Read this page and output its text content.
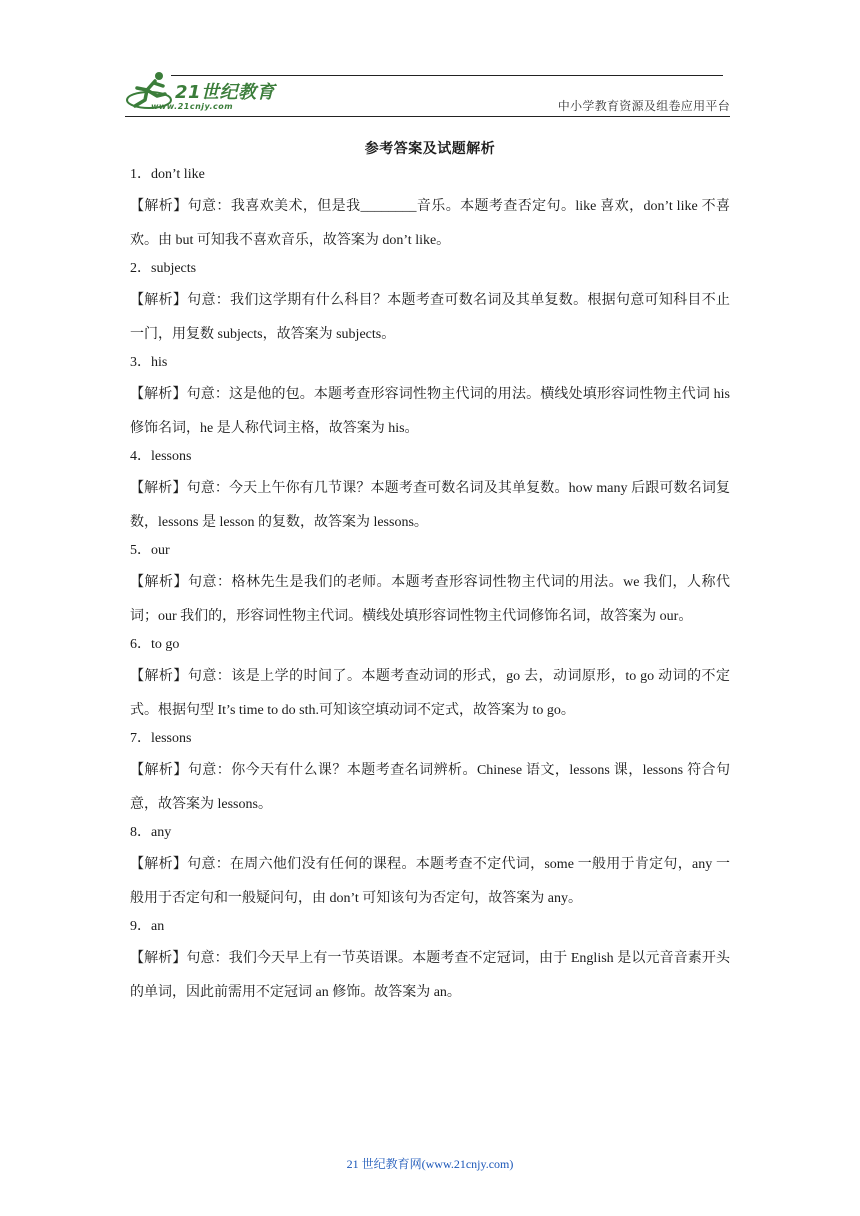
21世纪教育
www.21cnjy.com	中小学教育资源及组卷应用平台
参考答案及试题解析

1．don’t like

【解析】句意：我喜欢美术，但是我________音乐。本题考查否定句。like 喜欢，don’t like 不喜欢。由 but 可知我不喜欢音乐，故答案为 don’t like。

2．subjects

【解析】句意：我们这学期有什么科目？本题考查可数名词及其单复数。根据句意可知科目不止一门，用复数 subjects，故答案为 subjects。

3．his

【解析】句意：这是他的包。本题考查形容词性物主代词的用法。横线处填形容词性物主代词 his 修饰名词，he 是人称代词主格，故答案为 his。

4．lessons

【解析】句意：今天上午你有几节课？本题考查可数名词及其单复数。how many 后跟可数名词复数，lessons 是 lesson 的复数，故答案为 lessons。

5．our

【解析】句意：格林先生是我们的老师。本题考查形容词性物主代词的用法。we 我们，人称代词；our 我们的，形容词性物主代词。横线处填形容词性物主代词修饰名词，故答案为 our。

6．to go

【解析】句意：该是上学的时间了。本题考查动词的形式，go 去，动词原形，to go 动词的不定式。根据句型 It’s time to do sth.可知该空填动词不定式，故答案为 to go。

7．lessons

【解析】句意：你今天有什么课？本题考查名词辨析。Chinese 语文，lessons 课，lessons 符合句意，故答案为 lessons。

8．any

【解析】句意：在周六他们没有任何的课程。本题考查不定代词，some 一般用于肯定句，any 一般用于否定句和一般疑问句，由 don’t 可知该句为否定句，故答案为 any。

9．an

【解析】句意：我们今天早上有一节英语课。本题考查不定冠词，由于 English 是以元音音素开头的单词，因此前需用不定冠词 an 修饰。故答案为 an。

21 世纪教育网(www.21cnjy.com)
